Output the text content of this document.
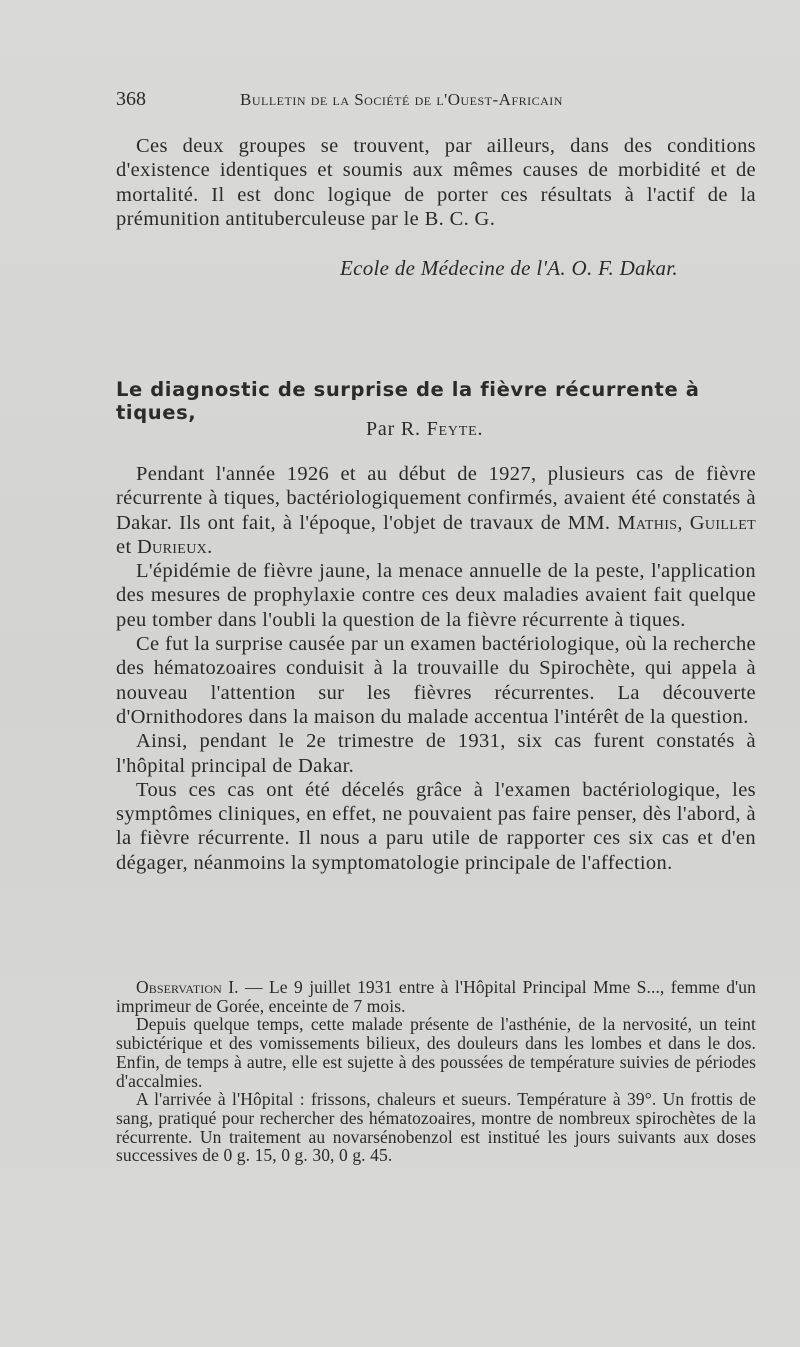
368	Bulletin de la Société de l'Ouest-Africain

Ces deux groupes se trouvent, par ailleurs, dans des conditions d'existence identiques et soumis aux mêmes causes de morbidité et de mortalité. Il est donc logique de porter ces résultats à l'actif de la prémunition antituberculeuse par le B. C. G.

Ecole de Médecine de l'A. O. F. Dakar.
Le diagnostic de surprise de la fièvre récurrente à tiques,
Par R. Feyte.

Pendant l'année 1926 et au début de 1927, plusieurs cas de fièvre récurrente à tiques, bactériologiquement confirmés, avaient été constatés à Dakar. Ils ont fait, à l'époque, l'objet de travaux de MM. Mathis, Guillet et Durieux.

L'épidémie de fièvre jaune, la menace annuelle de la peste, l'application des mesures de prophylaxie contre ces deux maladies avaient fait quelque peu tomber dans l'oubli la question de la fièvre récurrente à tiques.

Ce fut la surprise causée par un examen bactériologique, où la recherche des hématozoaires conduisit à la trouvaille du Spirochète, qui appela à nouveau l'attention sur les fièvres récurrentes. La découverte d'Ornithodores dans la maison du malade accentua l'intérêt de la question.

Ainsi, pendant le 2e trimestre de 1931, six cas furent constatés à l'hôpital principal de Dakar.

Tous ces cas ont été décelés grâce à l'examen bactériologique, les symptômes cliniques, en effet, ne pouvaient pas faire penser, dès l'abord, à la fièvre récurrente. Il nous a paru utile de rapporter ces six cas et d'en dégager, néanmoins la symptomatologie principale de l'affection.

Observation I. — Le 9 juillet 1931 entre à l'Hôpital Principal Mme S..., femme d'un imprimeur de Gorée, enceinte de 7 mois.

Depuis quelque temps, cette malade présente de l'asthénie, de la nervosité, un teint subictérique et des vomissements bilieux, des douleurs dans les lombes et dans le dos. Enfin, de temps à autre, elle est sujette à des poussées de température suivies de périodes d'accalmies.

A l'arrivée à l'Hôpital : frissons, chaleurs et sueurs. Température à 39°. Un frottis de sang, pratiqué pour rechercher des hématozoaires, montre de nombreux spirochètes de la récurrente. Un traitement au novarsénobenzol est institué les jours suivants aux doses successives de 0 g. 15, 0 g. 30, 0 g. 45.
